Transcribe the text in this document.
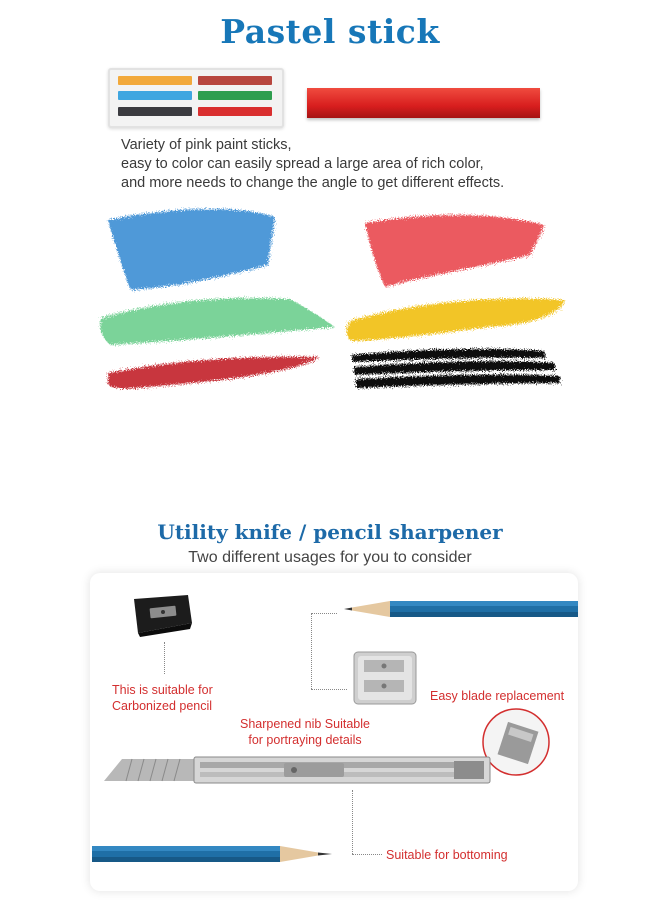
Pastel stick
Variety of pink paint sticks,
easy to color can easily spread a large area of rich color,
and more needs to change the angle to get different effects.
Utility knife / pencil sharpener
Two different usages for you to consider
This is suitable for
Carbonized pencil
Easy blade replacement
Sharpened nib Suitable
for portraying details
Suitable for bottoming
